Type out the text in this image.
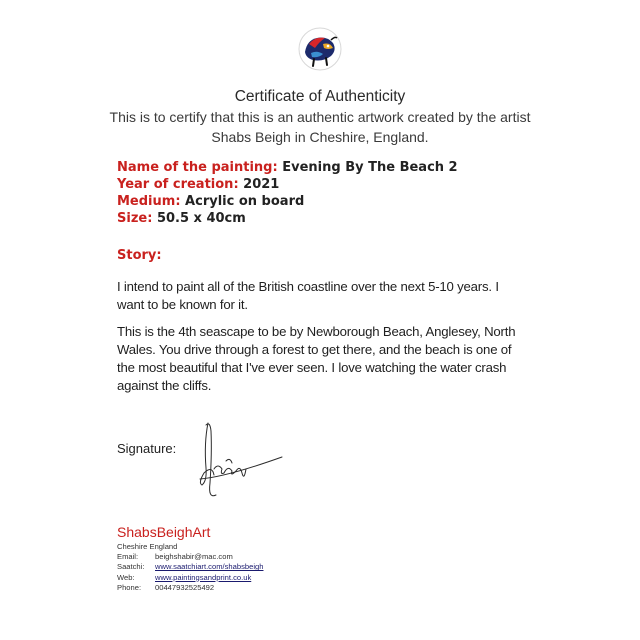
Certificate of Authenticity
This is to certify that this is an authentic artwork created by the artist
Shabs Beigh in Cheshire, England.
Name of the painting: Evening By The Beach 2
Year of creation: 2021
Medium: Acrylic on board
Size: 50.5 x 40cm
Story:
I intend to paint all of the British coastline over the next 5-10 years. I
want to be known for it.
This is the 4th seascape to be by Newborough Beach, Anglesey, North
Wales. You drive through a forest to get there, and the beach is one of
the most beautiful that I've ever seen. I love watching the water crash
against the cliffs.
Signature:
ShabsBeighArt
Cheshire England
Email: beighshabir@mac.com
Saatchi: www.saatchiart.com/shabsbeigh
Web:	www.paintingsandprint.co.uk
Phone: 00447932525492
